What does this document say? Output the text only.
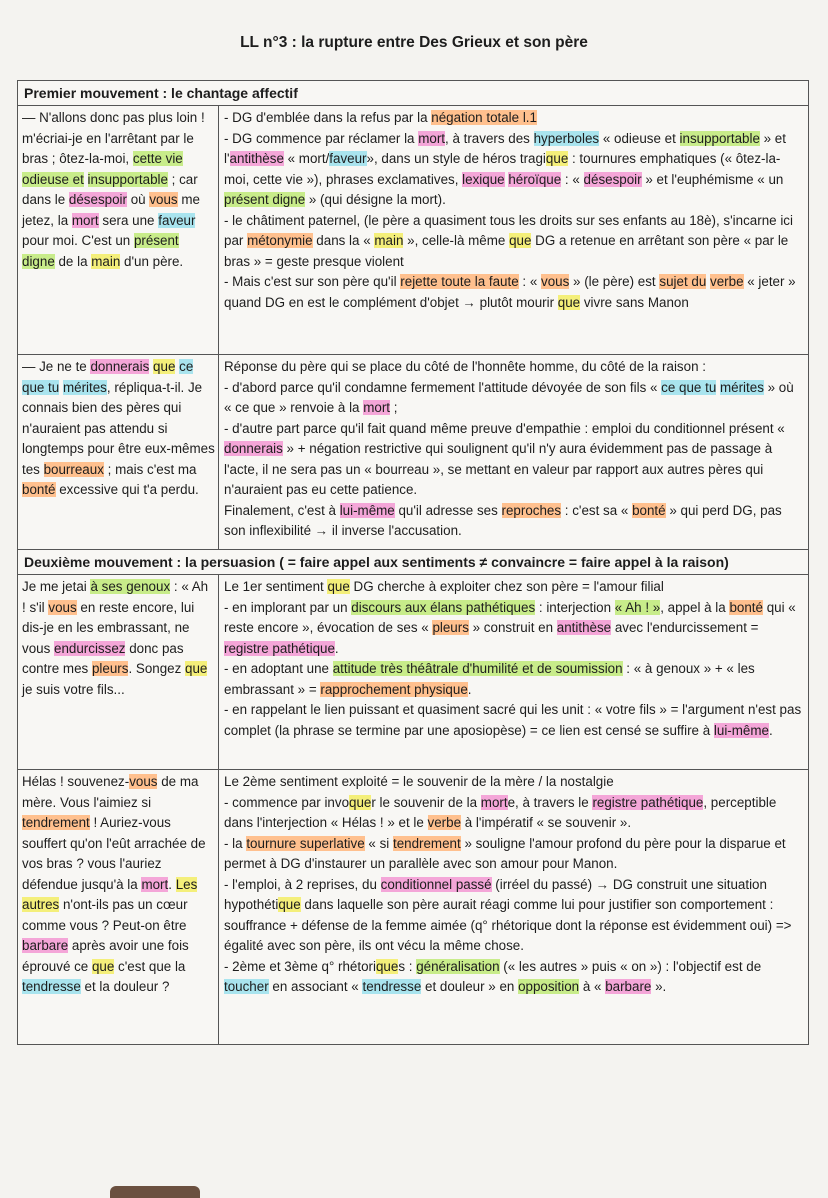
LL n°3 : la rupture entre Des Grieux et son père
Premier mouvement : le chantage affectif

— N'allons donc pas plus loin ! m'écriai-je en l'arrêtant par le bras ; ôtez-la-moi, cette vie odieuse et insupportable ; car dans le désespoir où vous me jetez, la mort sera une faveur pour moi. C'est un présent digne de la main d'un père.

- DG d'emblée dans la refus par la négation totale l.1

- DG commence par réclamer la mort, à travers des hyperboles « odieuse et insupportable » et l'antithèse « mort/faveur», dans un style de héros tragique : tournures emphatiques (« ôtez-la-moi, cette vie »), phrases exclamatives, lexique héroïque : « désespoir » et l'euphémisme « un présent digne » (qui désigne la mort).

- le châtiment paternel, (le père a quasiment tous les droits sur ses enfants au 18è), s'incarne ici par métonymie dans la « main », celle-là même que DG a retenue en arrêtant son père « par le bras » = geste presque violent

- Mais c'est sur son père qu'il rejette toute la faute : « vous » (le père) est sujet du verbe « jeter » quand DG en est le complément d'objet → plutôt mourir que vivre sans Manon

— Je ne te donnerais que ce que tu mérites, répliqua-t-il. Je connais bien des pères qui n'auraient pas attendu si longtemps pour être eux-mêmes tes bourreaux ; mais c'est ma bonté excessive qui t'a perdu.

Réponse du père qui se place du côté de l'honnête homme, du côté de la raison :

- d'abord parce qu'il condamne fermement l'attitude dévoyée de son fils « ce que tu mérites » où « ce que » renvoie à la mort ;

- d'autre part parce qu'il fait quand même preuve d'empathie : emploi du conditionnel présent « donnerais » + négation restrictive qui soulignent qu'il n'y aura évidemment pas de passage à l'acte, il ne sera pas un « bourreau », se mettant en valeur par rapport aux autres pères qui n'auraient pas eu cette patience.

Finalement, c'est à lui-même qu'il adresse ses reproches : c'est sa « bonté » qui perd DG, pas son inflexibilité → il inverse l'accusation.

Deuxième mouvement : la persuasion ( = faire appel aux sentiments ≠ convaincre = faire appel à la raison)

Je me jetai à ses genoux : « Ah ! s'il vous en reste encore, lui dis-je en les embrassant, ne vous endurcissez donc pas contre mes pleurs. Songez que je suis votre fils...

Le 1er sentiment que DG cherche à exploiter chez son père = l'amour filial

- en implorant par un discours aux élans pathétiques : interjection « Ah ! », appel à la bonté qui « reste encore », évocation de ses « pleurs » construit en antithèse avec l'endurcissement = registre pathétique.

- en adoptant une attitude très théâtrale d'humilité et de soumission : « à genoux » + « les embrassant » = rapprochement physique.

- en rappelant le lien puissant et quasiment sacré qui les unit : « votre fils » = l'argument n'est pas complet (la phrase se termine par une aposiopèse) = ce lien est censé se suffire à lui-même.

Hélas ! souvenez-vous de ma mère. Vous l'aimiez si tendrement ! Auriez-vous souffert qu'on l'eût arrachée de vos bras ? vous l'auriez défendue jusqu'à la mort. Les autres n'ont-ils pas un cœur comme vous ? Peut-on être barbare après avoir une fois éprouvé ce que c'est que la tendresse et la douleur ?

Le 2ème sentiment exploité = le souvenir de la mère / la nostalgie

- commence par invoquer le souvenir de la morte, à travers le registre pathétique, perceptible dans l'interjection « Hélas ! » et le verbe à l'impératif « se souvenir ».

- la tournure superlative « si tendrement » souligne l'amour profond du père pour la disparue et permet à DG d'instaurer un parallèle avec son amour pour Manon.

- l'emploi, à 2 reprises, du conditionnel passé (irréel du passé) → DG construit une situation hypothétique dans laquelle son père aurait réagi comme lui pour justifier son comportement : souffrance + défense de la femme aimée (q° rhétorique dont la réponse est évidemment oui) => égalité avec son père, ils ont vécu la même chose.

- 2ème et 3ème q° rhétoriques : généralisation (« les autres » puis « on ») : l'objectif est de toucher en associant « tendresse et douleur » en opposition à « barbare ».
